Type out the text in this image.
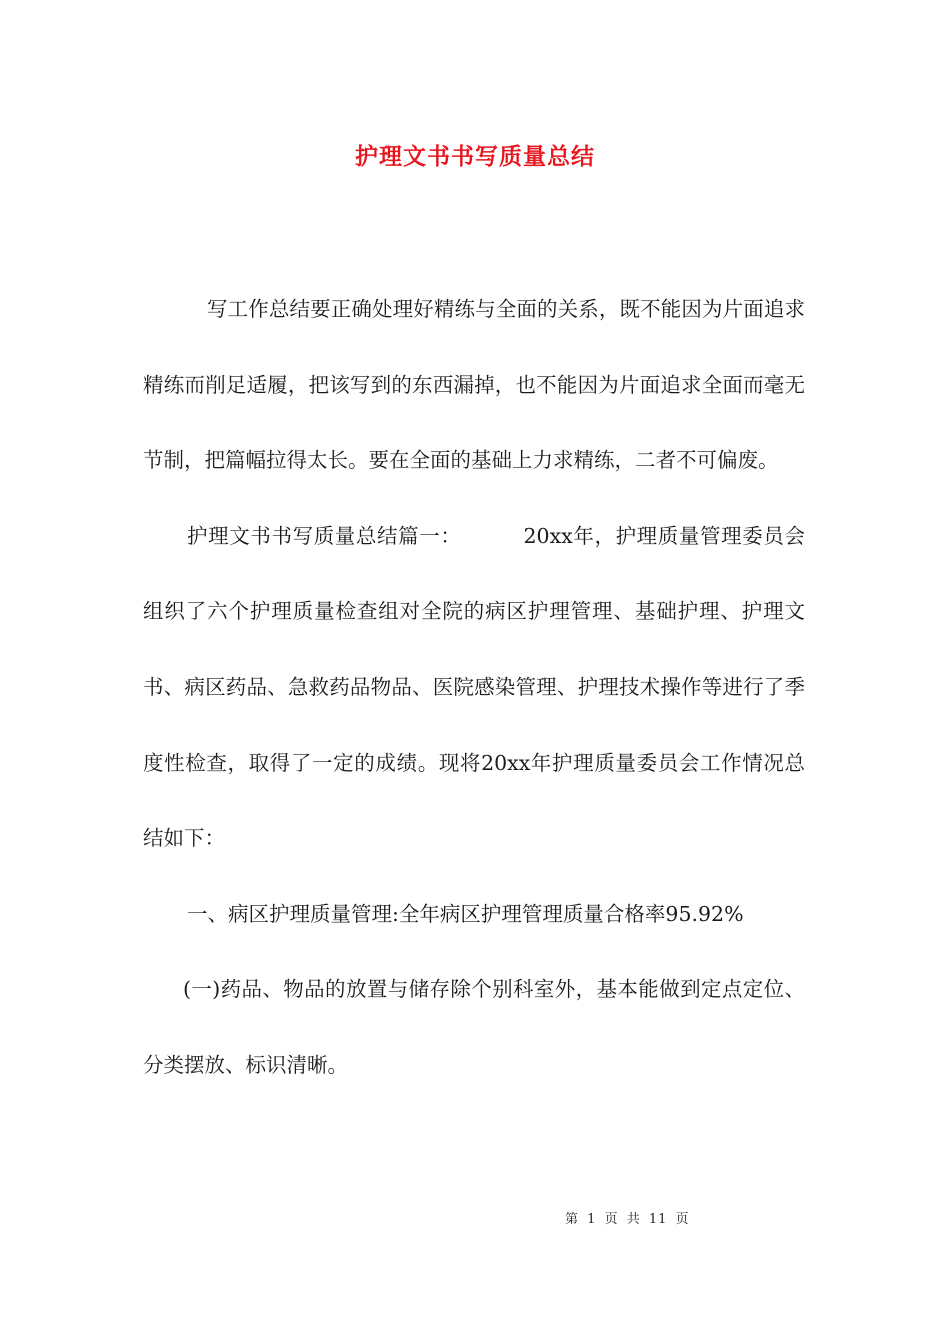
护理文书书写质量总结

写工作总结要正确处理好精练与全面的关系，既不能因为片面追求精练而削足适履，把该写到的东西漏掉，也不能因为片面追求全面而毫无节制，把篇幅拉得太长。要在全面的基础上力求精练，二者不可偏废。

护理文书书写质量总结篇一：	20xx年，护理质量管理委员会组织了六个护理质量检查组对全院的病区护理管理、基础护理、护理文书、病区药品、急救药品物品、医院感染管理、护理技术操作等进行了季度性检查，取得了一定的成绩。现将20xx年护理质量委员会工作情况总结如下：

一、病区护理质量管理:全年病区护理管理质量合格率95.92%

(一)药品、物品的放置与储存除个别科室外，基本能做到定点定位、分类摆放、标识清晰。

第 1 页 共 11 页
